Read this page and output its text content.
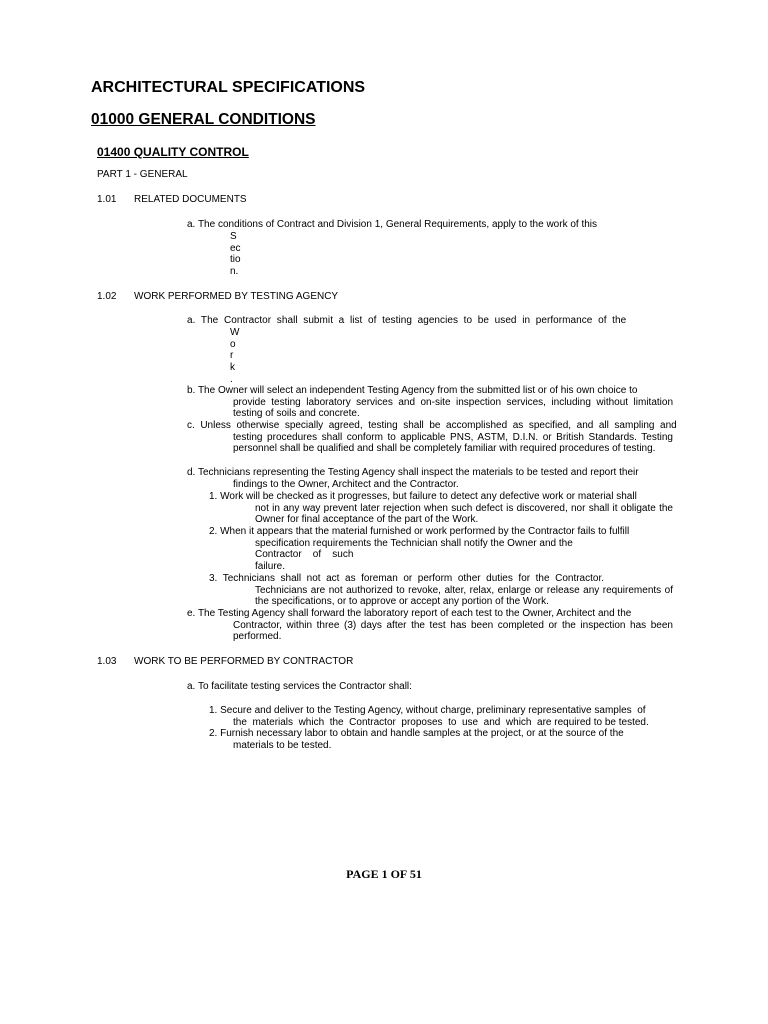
ARCHITECTURAL SPECIFICATIONS
01000 GENERAL CONDITIONS
01400 QUALITY CONTROL
PART 1 - GENERAL
1.01 RELATED DOCUMENTS
a. The conditions of Contract and Division 1, General Requirements, apply to the work of this
S
ec
tio
n.
1.02 WORK PERFORMED BY TESTING AGENCY
a.  The  Contractor  shall  submit  a  list  of  testing  agencies  to  be  used  in  performance  of  the
W
o
r
k
.

b. The Owner will select an independent Testing Agency from the submitted list or of his own choice to

provide testing laboratory services and on-site inspection services, including without limitation testing of soils and concrete.

c.  Unless  otherwise  specially  agreed,  testing  shall  be  accomplished  as  specified,  and  all  sampling  and

testing procedures shall conform to applicable PNS, ASTM, D.I.N. or British Standards. Testing personnel shall be qualified and shall be completely familiar with required procedures of testing.

d. Technicians representing the Testing Agency shall inspect the materials to be tested and report their

findings to the Owner, Architect and the Contractor.

1. Work will be checked as it progresses, but failure to detect any defective work or material shall

not in any way prevent later rejection when such defect is discovered, nor shall it obligate the Owner for final acceptance of the part of the Work.

2. When it appears that the material furnished or work performed by the Contractor fails to fulfill

specification requirements the Technician shall notify the Owner and the

Contractor    of    such

failure.

3.  Technicians  shall  not  act  as  foreman  or  perform  other  duties  for  the  Contractor.

Technicians are not authorized to revoke, alter, relax, enlarge or release any requirements of the specifications, or to approve or accept any portion of the Work.

e. The Testing Agency shall forward the laboratory report of each test to the Owner, Architect and the

Contractor, within three (3) days after the test has been completed or the inspection has been performed.

1.03 WORK TO BE PERFORMED BY CONTRACTOR
a. To facilitate testing services the Contractor shall:

1. Secure and deliver to the Testing Agency, without charge, preliminary representative samples  of

the  materials  which  the  Contractor  proposes  to  use  and  which  are required to be tested.

2. Furnish necessary labor to obtain and handle samples at the project, or at the source of the

materials to be tested.

PAGE 1 OF 51
